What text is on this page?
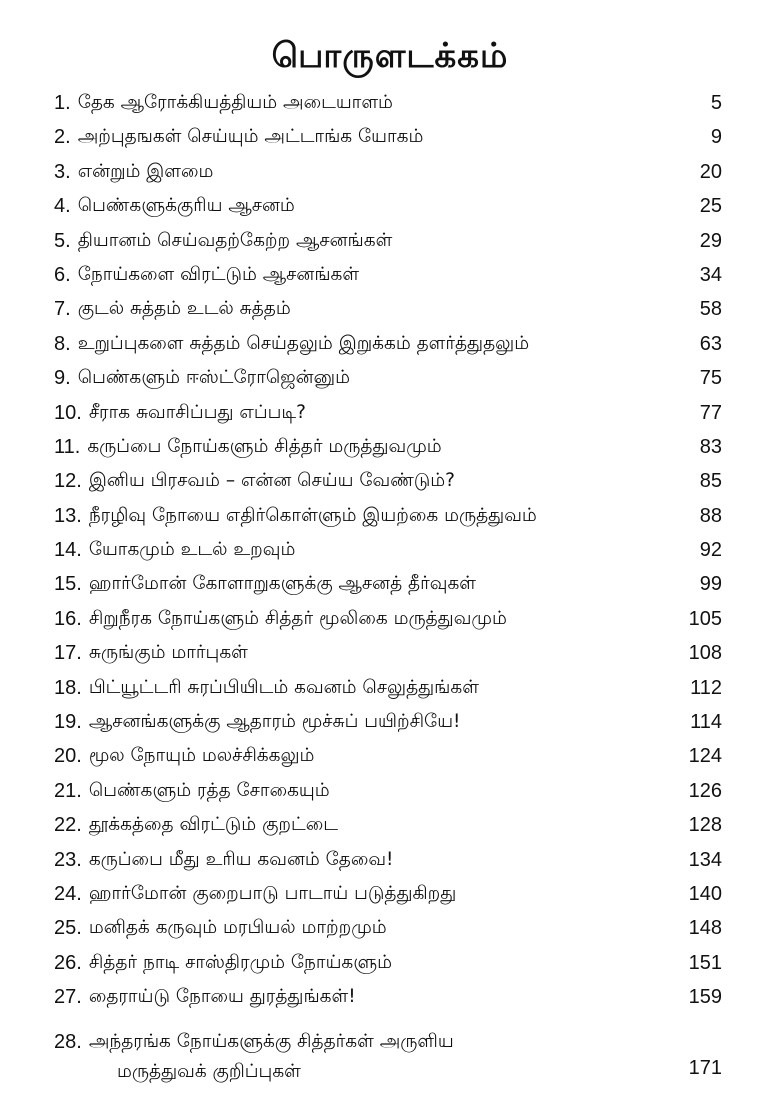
பொருளடக்கம்
1. தேக ஆரோக்கியத்தியம் அடையாளம்	5
2. அற்புதஙகள் செய்யும் அட்டாங்க யோகம்	9
3. என்றும் இளமை	20
4. பெண்களுக்குரிய ஆசனம்	25
5. தியானம் செய்வதற்கேற்ற ஆசனங்கள்	29
6. நோய்களை விரட்டும் ஆசனங்கள்	34
7. குடல் சுத்தம் உடல் சுத்தம்	58
8. உறுப்புகளை சுத்தம் செய்தலும் இறுக்கம் தளர்த்துதலும்	63
9. பெண்களும் ஈஸ்ட்ரோஜென்னும்	75
10. சீராக சுவாசிப்பது எப்படி?	77
11. கருப்பை நோய்களும் சித்தர் மருத்துவமும்	83
12. இனிய பிரசவம் – என்ன செய்ய வேண்டும்?	85
13. நீரழிவு நோயை எதிர்கொள்ளும் இயற்கை மருத்துவம்	88
14. யோகமும் உடல் உறவும்	92
15. ஹார்மோன் கோளாறுகளுக்கு ஆசனத் தீர்வுகள்	99
16. சிறுநீரக நோய்களும் சித்தர் மூலிகை மருத்துவமும்	105
17. சுருங்கும் மார்புகள்	108
18. பிட்யூட்டரி சுரப்பியிடம் கவனம் செலுத்துங்கள்	112
19. ஆசனங்களுக்கு ஆதாரம் மூச்சுப் பயிற்சியே!	114
20. மூல நோயும் மலச்சிக்கலும்	124
21. பெண்களும் ரத்த சோகையும்	126
22. தூக்கத்தை விரட்டும் குறட்டை	128
23. கருப்பை மீது உரிய கவனம் தேவை!	134
24. ஹார்மோன் குறைபாடு பாடாய் படுத்துகிறது	140
25. மனிதக் கருவும் மரபியல் மாற்றமும்	148
26. சித்தர் நாடி சாஸ்திரமும் நோய்களும்	151
27. தைராய்டு நோயை துரத்துங்கள்!	159
28. அந்தரங்க நோய்களுக்கு சித்தர்கள் அருளிய
மருத்துவக் குறிப்புகள்	171
